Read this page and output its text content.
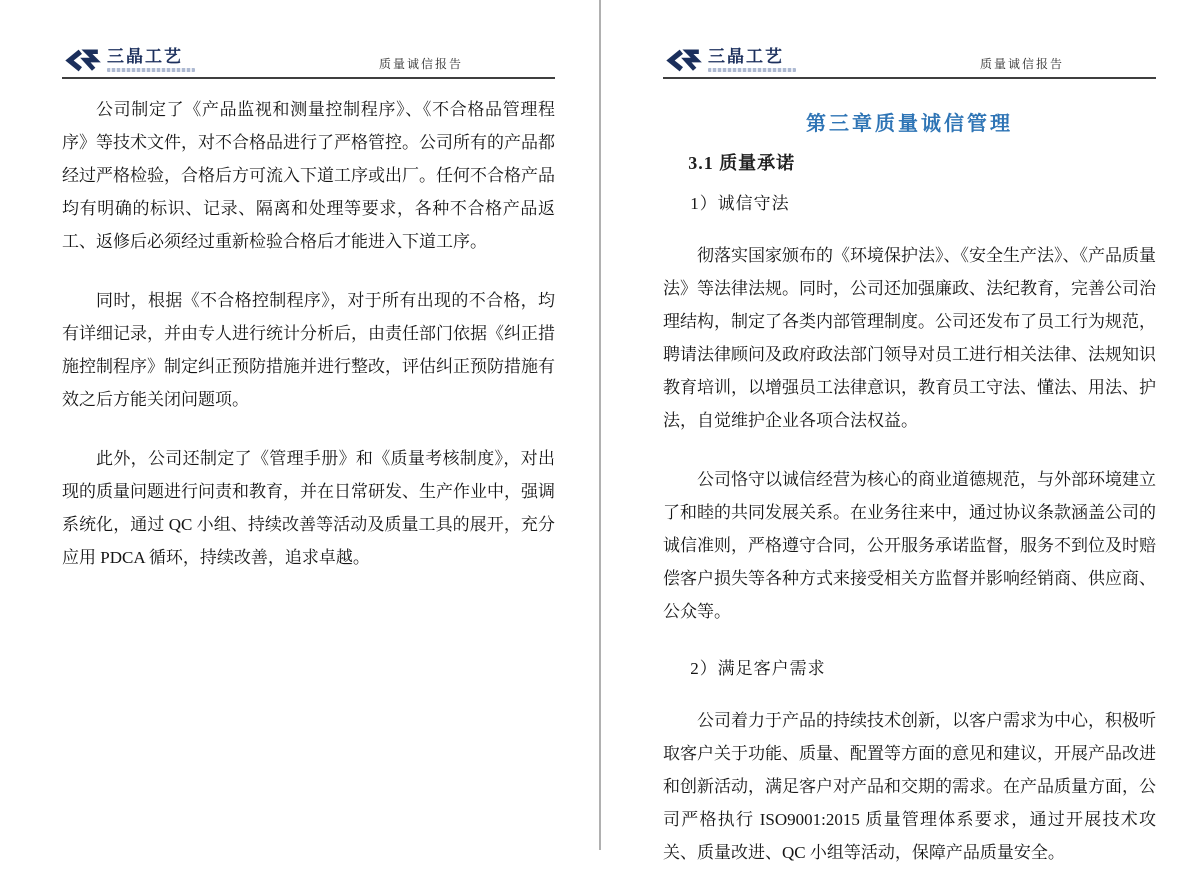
三晶工艺	质量诚信报告

公司制定了《产品监视和测量控制程序》、《不合格品管理程序》等技术文件，对不合格品进行了严格管控。公司所有的产品都经过严格检验，合格后方可流入下道工序或出厂。任何不合格产品均有明确的标识、记录、隔离和处理等要求，各种不合格产品返工、返修后必须经过重新检验合格后才能进入下道工序。

同时，根据《不合格控制程序》，对于所有出现的不合格，均有详细记录，并由专人进行统计分析后，由责任部门依据《纠正措施控制程序》制定纠正预防措施并进行整改，评估纠正预防措施有效之后方能关闭问题项。

此外，公司还制定了《管理手册》和《质量考核制度》，对出现的质量问题进行问责和教育，并在日常研发、生产作业中，强调系统化，通过 QC 小组、持续改善等活动及质量工具的展开，充分应用 PDCA 循环，持续改善，追求卓越。

三晶工艺	质量诚信报告
第三章质量诚信管理
3.1 质量承诺
1）诚信守法

彻落实国家颁布的《环境保护法》、《安全生产法》、《产品质量法》等法律法规。同时，公司还加强廉政、法纪教育，完善公司治理结构，制定了各类内部管理制度。公司还发布了员工行为规范，聘请法律顾问及政府政法部门领导对员工进行相关法律、法规知识教育培训，以增强员工法律意识，教育员工守法、懂法、用法、护法，自觉维护企业各项合法权益。

公司恪守以诚信经营为核心的商业道德规范，与外部环境建立了和睦的共同发展关系。在业务往来中，通过协议条款涵盖公司的诚信准则，严格遵守合同，公开服务承诺监督，服务不到位及时赔偿客户损失等各种方式来接受相关方监督并影响经销商、供应商、公众等。

2）满足客户需求

公司着力于产品的持续技术创新，以客户需求为中心，积极听取客户关于功能、质量、配置等方面的意见和建议，开展产品改进和创新活动，满足客户对产品和交期的需求。在产品质量方面，公司严格执行 ISO9001:2015 质量管理体系要求，通过开展技术攻关、质量改进、QC 小组等活动，保障产品质量安全。
